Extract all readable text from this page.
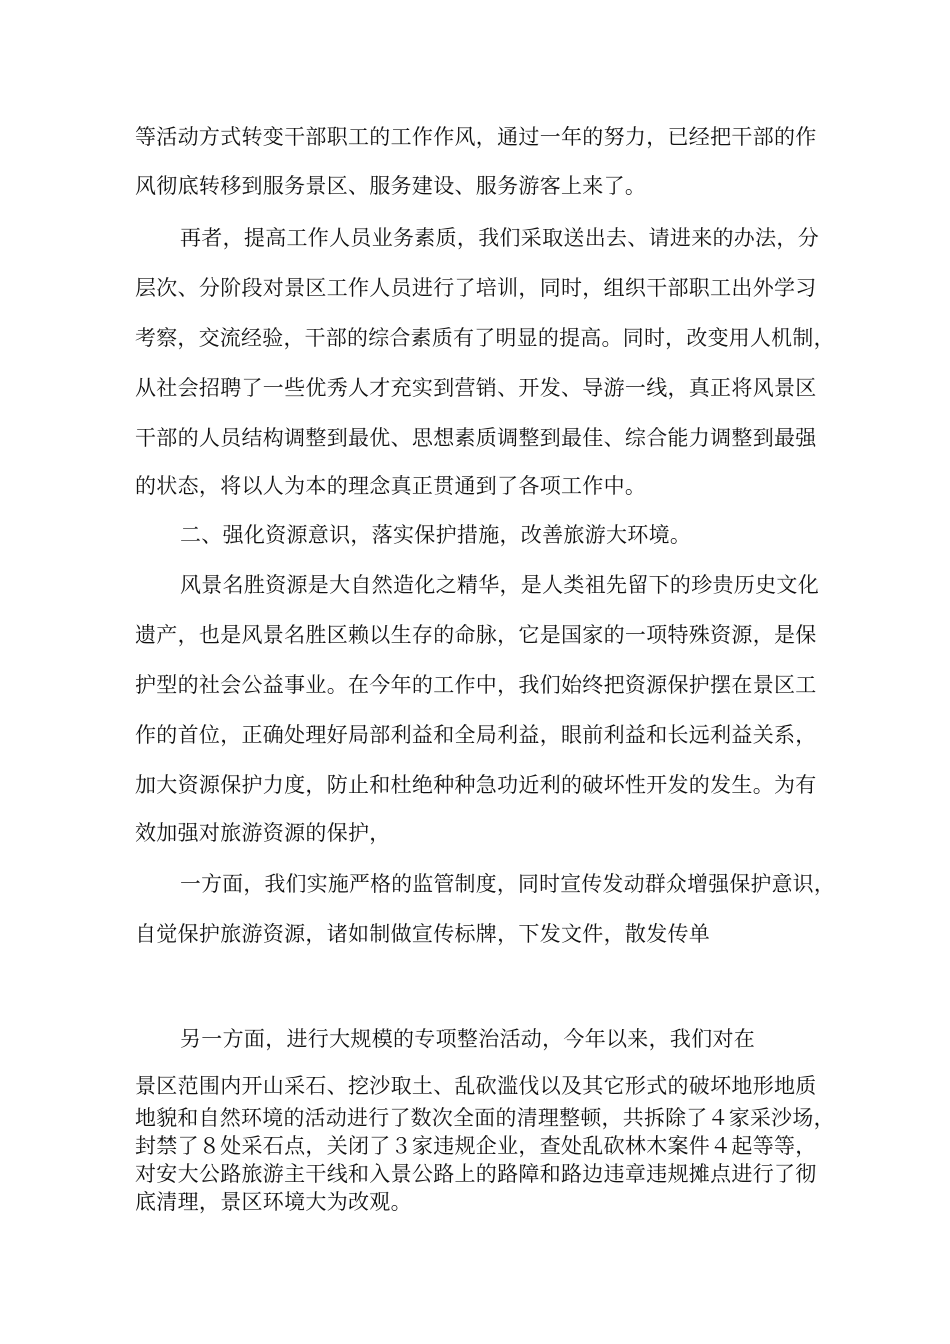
等活动方式转变干部职工的工作作风，通过一年的努力，已经把干部的作
风彻底转移到服务景区、服务建设、服务游客上来了。
再者，提高工作人员业务素质，我们采取送出去、请进来的办法，分
层次、分阶段对景区工作人员进行了培训，同时，组织干部职工出外学习
考察，交流经验，干部的综合素质有了明显的提高。同时，改变用人机制，
从社会招聘了一些优秀人才充实到营销、开发、导游一线，真正将风景区
干部的人员结构调整到最优、思想素质调整到最佳、综合能力调整到最强
的状态，将以人为本的理念真正贯通到了各项工作中。
二、强化资源意识，落实保护措施，改善旅游大环境。
风景名胜资源是大自然造化之精华，是人类祖先留下的珍贵历史文化
遗产，也是风景名胜区赖以生存的命脉，它是国家的一项特殊资源，是保
护型的社会公益事业。在今年的工作中，我们始终把资源保护摆在景区工
作的首位，正确处理好局部利益和全局利益，眼前利益和长远利益关系，
加大资源保护力度，防止和杜绝种种急功近利的破坏性开发的发生。为有
效加强对旅游资源的保护，
一方面，我们实施严格的监管制度，同时宣传发动群众增强保护意识，
自觉保护旅游资源，诸如制做宣传标牌，下发文件，散发传单
另一方面，进行大规模的专项整治活动，今年以来，我们对在
景区范围内开山采石、挖沙取土、乱砍滥伐以及其它形式的破坏地形地质
地貌和自然环境的活动进行了数次全面的清理整顿，共拆除了４家采沙场，
封禁了８处采石点，关闭了３家违规企业，查处乱砍林木案件４起等等，
对安大公路旅游主干线和入景公路上的路障和路边违章违规摊点进行了彻
底清理，景区环境大为改观。
